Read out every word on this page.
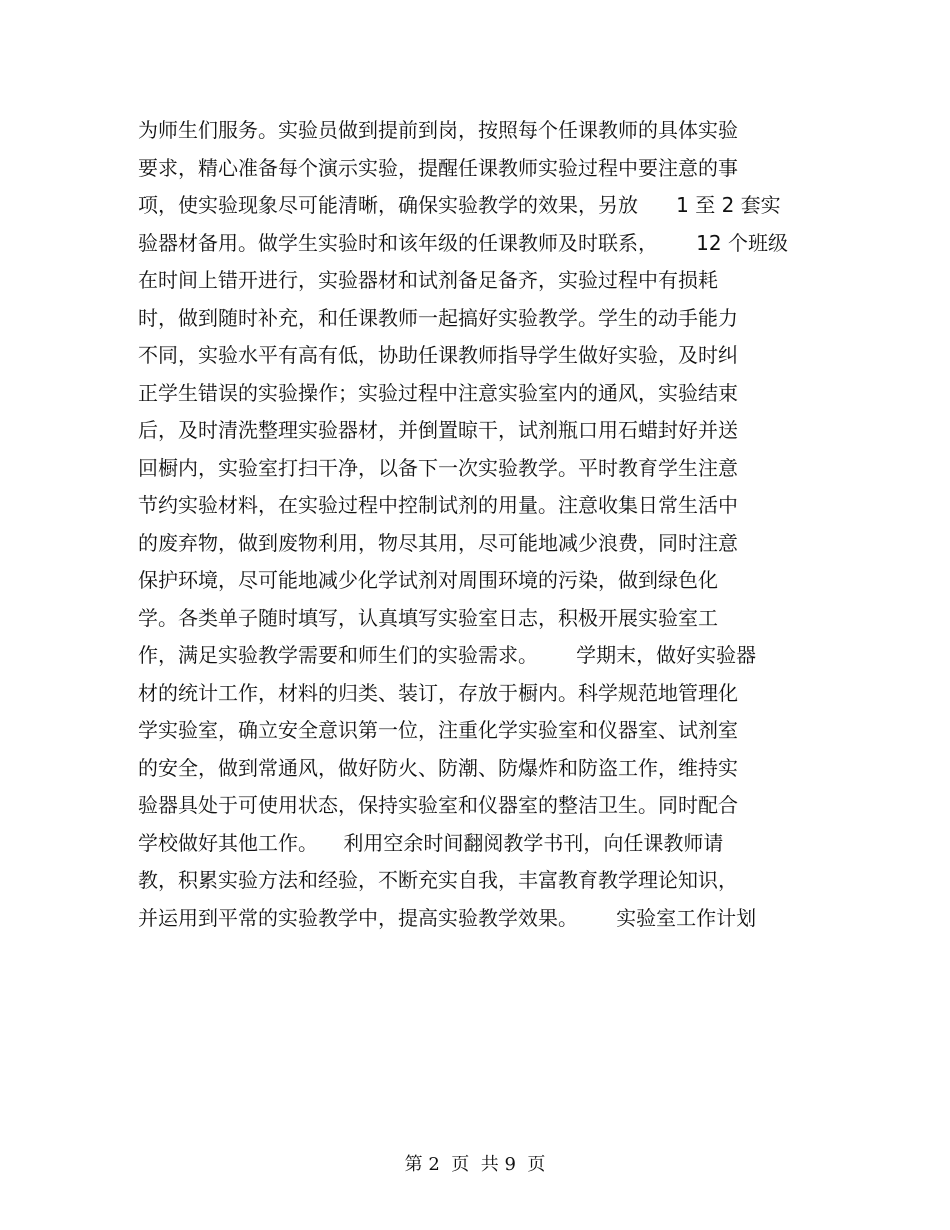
为师生们服务。实验员做到提前到岗，按照每个任课教师的具体实验
要求，精心准备每个演示实验，提醒任课教师实验过程中要注意的事
项，使实验现象尽可能清晰，确保实验教学的效果，另放      1 至 2 套实
验器材备用。做学生实验时和该年级的任课教师及时联系，      12 个班级
在时间上错开进行，实验器材和试剂备足备齐，实验过程中有损耗
时，做到随时补充，和任课教师一起搞好实验教学。学生的动手能力
不同，实验水平有高有低，协助任课教师指导学生做好实验，及时纠
正学生错误的实验操作；实验过程中注意实验室内的通风，实验结束
后，及时清洗整理实验器材，并倒置晾干，试剂瓶口用石蜡封好并送
回橱内，实验室打扫干净，以备下一次实验教学。平时教育学生注意
节约实验材料，在实验过程中控制试剂的用量。注意收集日常生活中
的废弃物，做到废物利用，物尽其用，尽可能地减少浪费，同时注意
保护环境，尽可能地减少化学试剂对周围环境的污染，做到绿色化
学。各类单子随时填写，认真填写实验室日志，积极开展实验室工
作，满足实验教学需要和师生们的实验需求。      学期末，做好实验器
材的统计工作，材料的归类、装订，存放于橱内。科学规范地管理化
学实验室，确立安全意识第一位，注重化学实验室和仪器室、试剂室
的安全，做到常通风，做好防火、防潮、防爆炸和防盗工作，维持实
验器具处于可使用状态，保持实验室和仪器室的整洁卫生。同时配合
学校做好其他工作。    利用空余时间翻阅教学书刊，向任课教师请
教，积累实验方法和经验，不断充实自我，丰富教育教学理论知识，
并运用到平常的实验教学中，提高实验教学效果。      实验室工作计划
第 2  页  共 9  页
